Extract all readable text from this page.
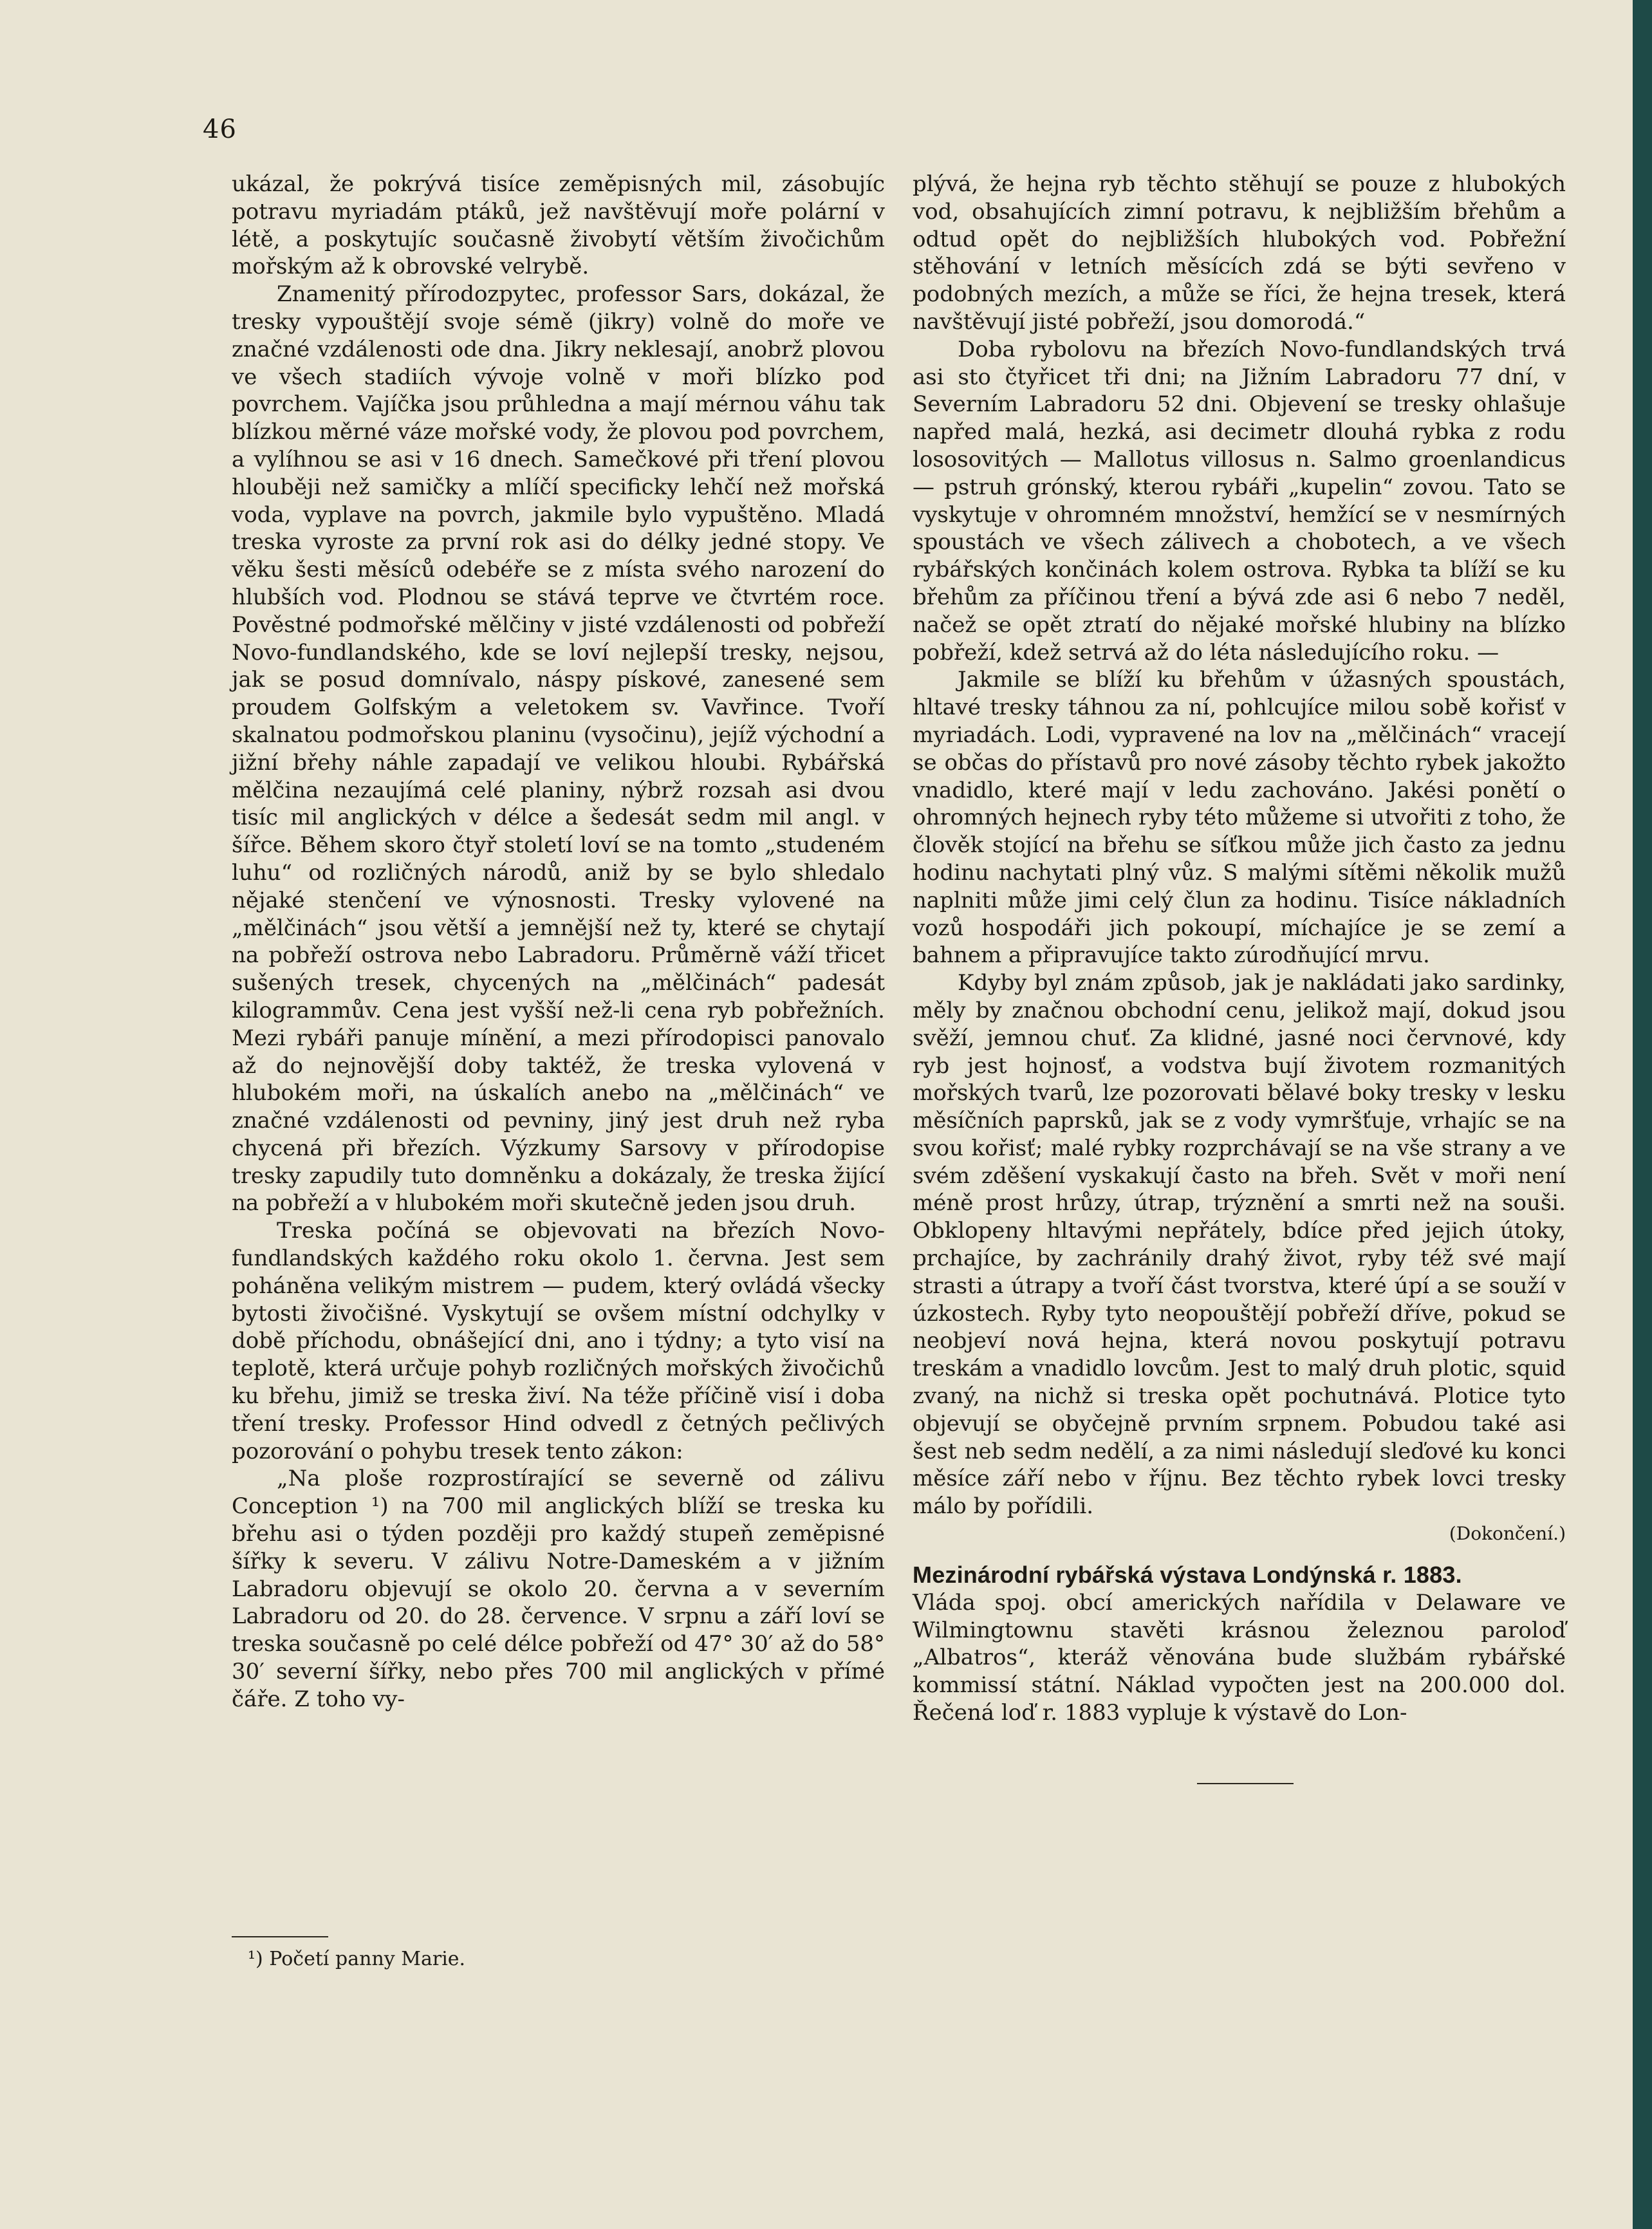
46

ukázal, že pokrývá tisíce zeměpisných mil, zásobujíc potravu myriadám ptáků, jež navštěvují moře polární v létě, a poskytujíc současně živobytí větším živočichům mořským až k obrovské velrybě.

Znamenitý přírodozpytec, professor Sars, dokázal, že tresky vypouštějí svoje sémě (jikry) volně do moře ve značné vzdálenosti ode dna. Jikry neklesají, anobrž plovou ve všech stadiích vývoje volně v moři blízko pod povrchem. Vajíčka jsou průhledna a mají mérnou váhu tak blízkou měrné váze mořské vody, že plovou pod povrchem, a vylíhnou se asi v 16 dnech. Samečkové při tření plovou hlouběji než samičky a mlíčí specificky lehčí než mořská voda, vyplave na povrch, jakmile bylo vypuštěno. Mladá treska vyroste za první rok asi do délky jedné stopy. Ve věku šesti měsíců odebéře se z místa svého narození do hlubších vod. Plodnou se stává teprve ve čtvrtém roce. Pověstné podmořské mělčiny v jisté vzdálenosti od pobřeží Novo-fundlandského, kde se loví nejlepší tresky, nejsou, jak se posud domnívalo, náspy pískové, zanesené sem proudem Golfským a veletokem sv. Vavřince. Tvoří skalnatou podmořskou planinu (vysočinu), jejíž východní a jižní břehy náhle zapadají ve velikou hloubi. Rybářská mělčina nezaujímá celé planiny, nýbrž rozsah asi dvou tisíc mil anglických v délce a šedesát sedm mil angl. v šířce. Během skoro čtyř století loví se na tomto „studeném luhu“ od rozličných národů, aniž by se bylo shledalo nějaké stenčení ve výnosnosti. Tresky vylovené na „mělčinách“ jsou větší a jemnější než ty, které se chytají na pobřeží ostrova nebo Labradoru. Průměrně váží třicet sušených tresek, chycených na „mělčinách“ padesát kilogrammův. Cena jest vyšší než-li cena ryb pobřežních. Mezi rybáři panuje mínění, a mezi přírodopisci panovalo až do nejnovější doby taktéž, že treska vylovená v hlubokém moři, na úskalích anebo na „mělčinách“ ve značné vzdálenosti od pevniny, jiný jest druh než ryba chycená při březích. Výzkumy Sarsovy v přírodopise tresky zapudily tuto domněnku a dokázaly, že treska žijící na pobřeží a v hlubokém moři skutečně jeden jsou druh.

Treska počíná se objevovati na březích Novo-fundlandských každého roku okolo 1. června. Jest sem poháněna velikým mistrem — pudem, který ovládá všecky bytosti živočišné. Vyskytují se ovšem místní odchylky v době příchodu, obnášející dni, ano i týdny; a tyto visí na teplotě, která určuje pohyb rozličných mořských živočichů ku břehu, jimiž se treska živí. Na téže příčině visí i doba tření tresky. Professor Hind odvedl z četných pečlivých pozorování o pohybu tresek tento zákon:

„Na ploše rozprostírající se severně od zálivu Conception ¹) na 700 mil anglických blíží se treska ku břehu asi o týden později pro každý stupeň zeměpisné šířky k severu. V zálivu Notre-Dameském a v jižním Labradoru objevují se okolo 20. června a v severním Labradoru od 20. do 28. července. V srpnu a září loví se treska současně po celé délce pobřeží od 47° 30′ až do 58° 30′ severní šířky, nebo přes 700 mil anglických v přímé čáře. Z toho vy-

¹) Početí panny Marie.

plývá, že hejna ryb těchto stěhují se pouze z hlubokých vod, obsahujících zimní potravu, k nejbližším břehům a odtud opět do nejbližších hlubokých vod. Pobřežní stěhování v letních měsících zdá se býti sevřeno v podobných mezích, a může se říci, že hejna tresek, která navštěvují jisté pobřeží, jsou domorodá.“

Doba rybolovu na březích Novo-fundlandských trvá asi sto čtyřicet tři dni; na Jižním Labradoru 77 dní, v Severním Labradoru 52 dni. Objevení se tresky ohlašuje napřed malá, hezká, asi decimetr dlouhá rybka z rodu lososovitých — Mallotus villosus n. Salmo groenlandicus — pstruh grónský, kterou rybáři „kupelin“ zovou. Tato se vyskytuje v ohromném množství, hemžící se v nesmírných spoustách ve všech zálivech a chobotech, a ve všech rybářských končinách kolem ostrova. Rybka ta blíží se ku břehům za příčinou tření a bývá zde asi 6 nebo 7 neděl, načež se opět ztratí do nějaké mořské hlubiny na blízko pobřeží, kdež setrvá až do léta následujícího roku. —

Jakmile se blíží ku břehům v úžasných spoustách, hltavé tresky táhnou za ní, pohlcujíce milou sobě kořisť v myriadách. Lodi, vypravené na lov na „mělčinách“ vracejí se občas do přístavů pro nové zásoby těchto rybek jakožto vnadidlo, které mají v ledu zachováno. Jakési ponětí o ohromných hejnech ryby této můžeme si utvořiti z toho, že člověk stojící na břehu se síťkou může jich často za jednu hodinu nachytati plný vůz. S malými sítěmi několik mužů naplniti může jimi celý člun za hodinu. Tisíce nákladních vozů hospodáři jich pokoupí, míchajíce je se zemí a bahnem a připravujíce takto zúrodňující mrvu.

Kdyby byl znám způsob, jak je nakládati jako sardinky, měly by značnou obchodní cenu, jelikož mají, dokud jsou svěží, jemnou chuť. Za klidné, jasné noci červnové, kdy ryb jest hojnosť, a vodstva bují životem rozmanitých mořských tvarů, lze pozorovati bělavé boky tresky v lesku měsíčních paprsků, jak se z vody vymršťuje, vrhajíc se na svou kořisť; malé rybky rozprchávají se na vše strany a ve svém zděšení vyskakují často na břeh. Svět v moři není méně prost hrůzy, útrap, trýznění a smrti než na souši. Obklopeny hltavými nepřátely, bdíce před jejich útoky, prchajíce, by zachránily drahý život, ryby též své mají strasti a útrapy a tvoří část tvorstva, které úpí a se souží v úzkostech. Ryby tyto neopouštějí pobřeží dříve, pokud se neobjeví nová hejna, která novou poskytují potravu treskám a vnadidlo lovcům. Jest to malý druh plotic, squid zvaný, na nichž si treska opět pochutnává. Plotice tyto objevují se obyčejně prvním srpnem. Pobudou také asi šest neb sedm nedělí, a za nimi následují sleďové ku konci měsíce září nebo v říjnu. Bez těchto rybek lovci tresky málo by pořídili.

(Dokončení.)

Mezinárodní rybářská výstava Londýnská r. 1883.

Vláda spoj. obcí amerických nařídila v Delaware ve Wilmingtownu stavěti krásnou železnou paroloď „Albatros“, kteráž věnována bude službám rybářské kommissí státní. Náklad vypočten jest na 200.000 dol. Řečená loď r. 1883 vypluje k výstavě do Lon-
